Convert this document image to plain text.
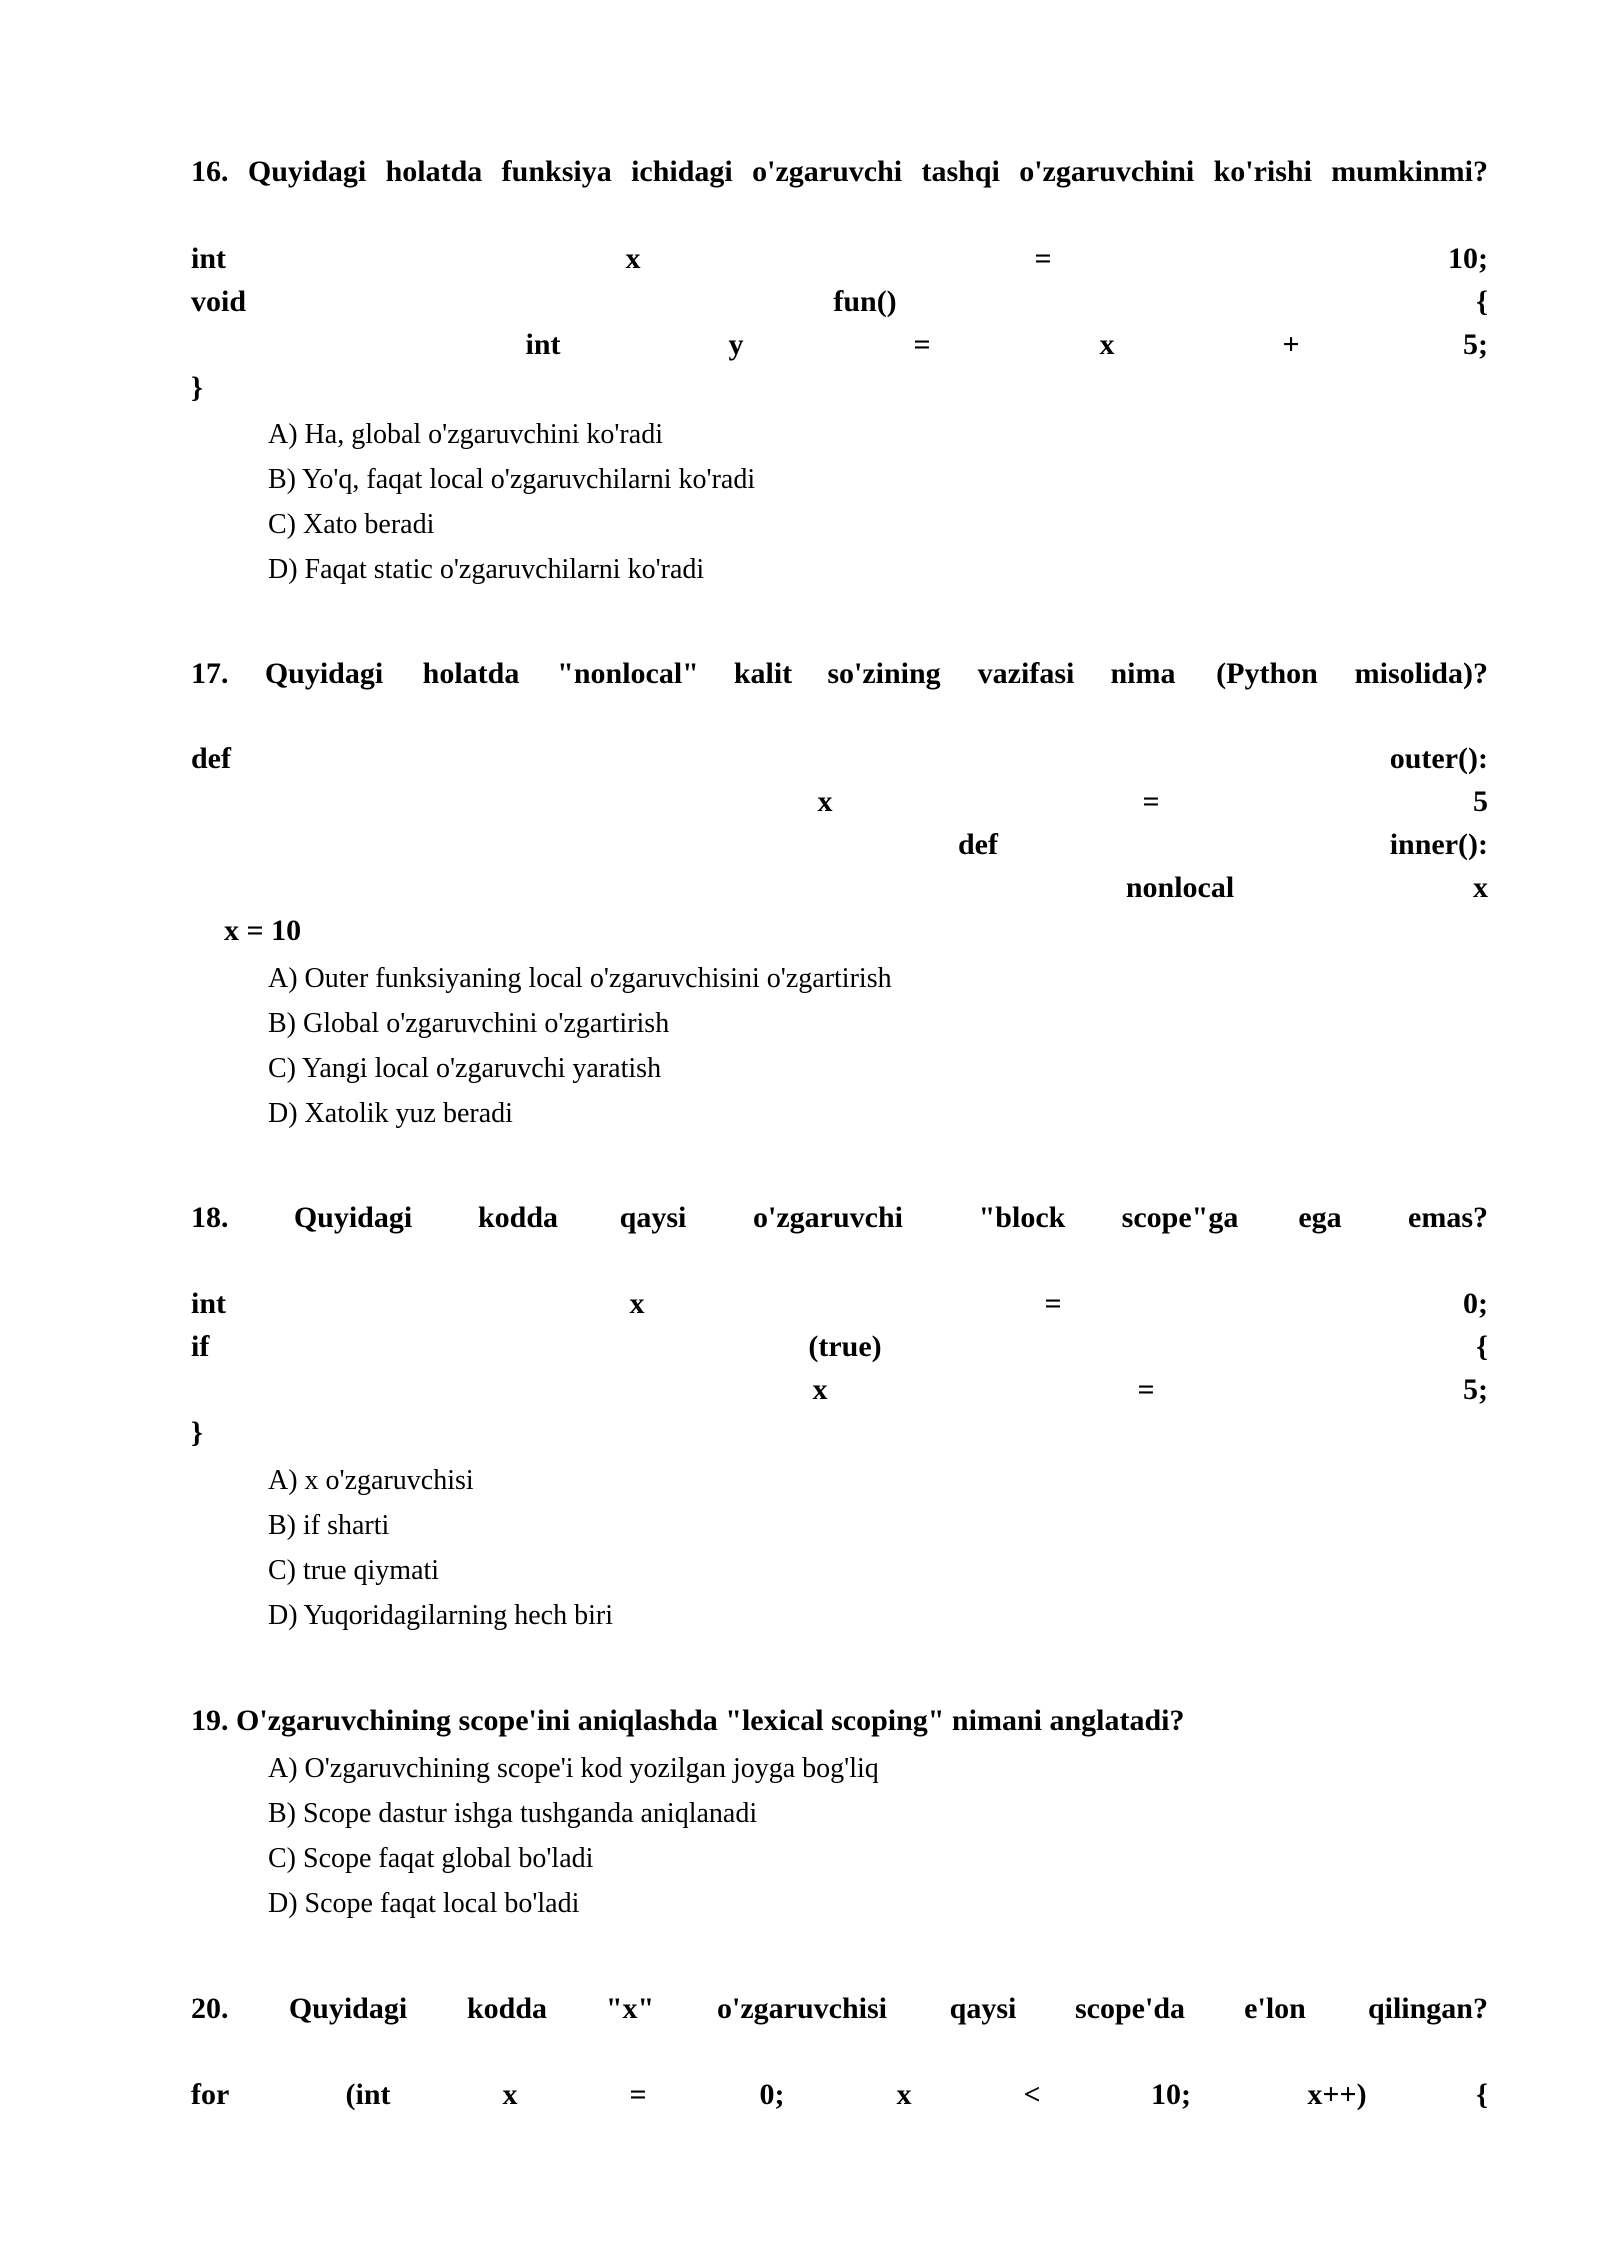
16. Quyidagi holatda funksiya ichidagi o'zgaruvchi tashqi o'zgaruvchini ko'rishi mumkinmi?
int	x	=	10;
void	fun()	{
int	y	=	x	+	5;
}
A) Ha, global o'zgaruvchini ko'radi
B) Yo'q, faqat local o'zgaruvchilarni ko'radi
C) Xato beradi
D) Faqat static o'zgaruvchilarni ko'radi
17. Quyidagi holatda "nonlocal" kalit so'zining vazifasi nima (Python misolida)?
def	outer():
x	=	5
def	inner():
nonlocal	x
x = 10
A) Outer funksiyaning local o'zgaruvchisini o'zgartirish
B) Global o'zgaruvchini o'zgartirish
C) Yangi local o'zgaruvchi yaratish
D) Xatolik yuz beradi
18. Quyidagi kodda qaysi o'zgaruvchi	"block scope"ga ega emas?
int	x	=	0;
if	(true)	{
x	=	5;
}
A) x o'zgaruvchisi
B) if sharti
C) true qiymati
D) Yuqoridagilarning hech biri
19. O'zgaruvchining scope'ini aniqlashda "lexical scoping" nimani anglatadi?
A) O'zgaruvchining scope'i kod yozilgan joyga bog'liq
B) Scope dastur ishga tushganda aniqlanadi
C) Scope faqat global bo'ladi
D) Scope faqat local bo'ladi
20. Quyidagi kodda "x" o'zgaruvchisi qaysi scope'da e'lon qilingan?
for	(int	x	=	0;	x	<	10;	x++)	{
